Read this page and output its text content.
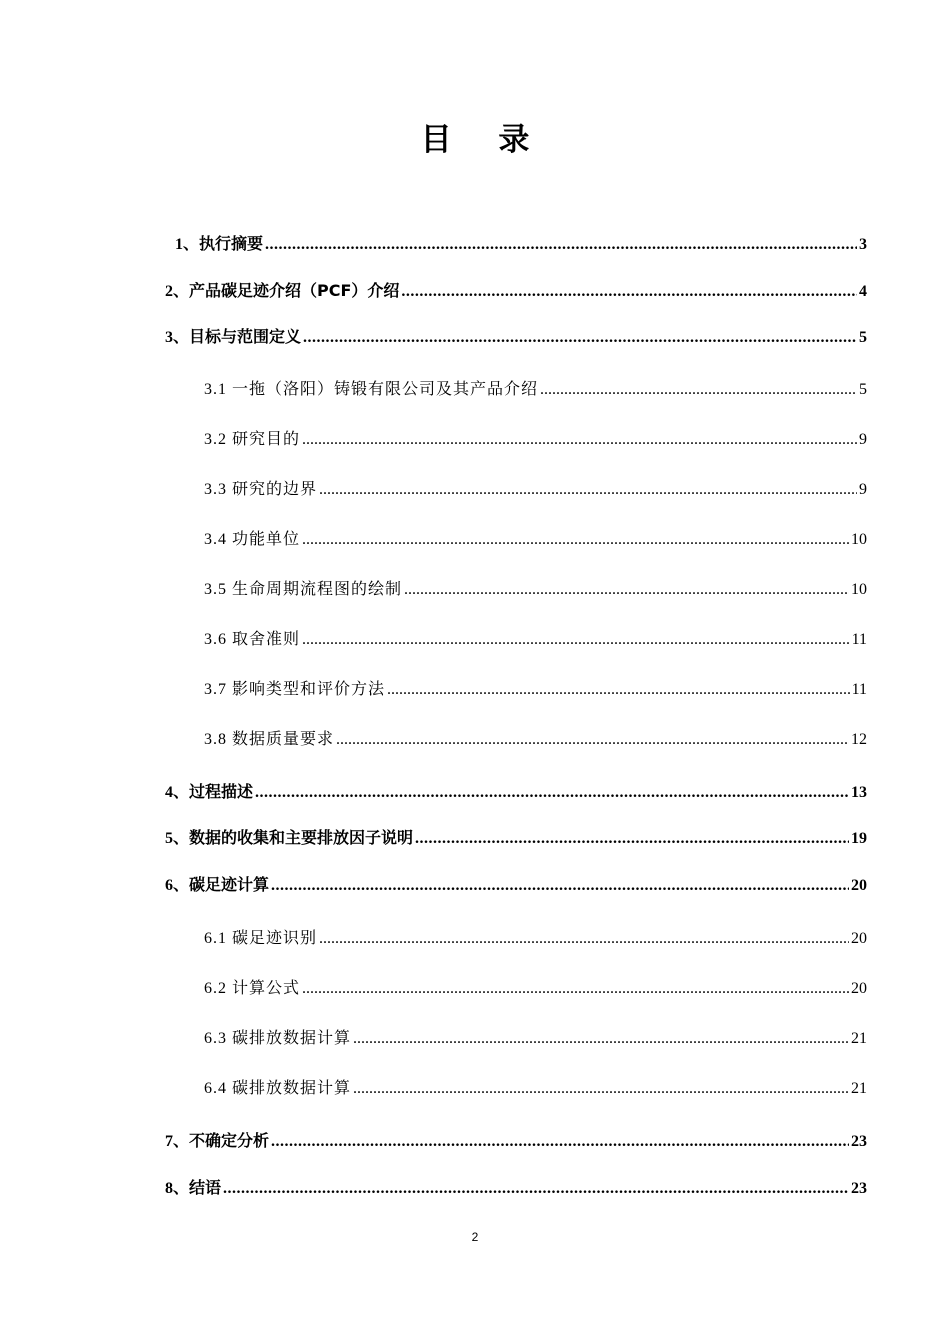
目 录
1、执行摘要 .....	3
2、产品碳足迹介绍（PCF）介绍 .....	4
3、目标与范围定义 .....	5
3.1 一拖（洛阳）铸锻有限公司及其产品介绍 .....	5
3.2 研究目的 .....	9
3.3 研究的边界 .....	9
3.4 功能单位 .....	10
3.5 生命周期流程图的绘制 .....	10
3.6 取舍准则 .....	11
3.7 影响类型和评价方法 .....	11
3.8 数据质量要求 .....	12
4、过程描述 .....	13
5、数据的收集和主要排放因子说明 .....	19
6、碳足迹计算 .....	20
6.1 碳足迹识别 .....	20
6.2 计算公式 .....	20
6.3 碳排放数据计算 .....	21
6.4 碳排放数据计算 .....	21
7、不确定分析 .....	23
8、结语 .....	23
2
